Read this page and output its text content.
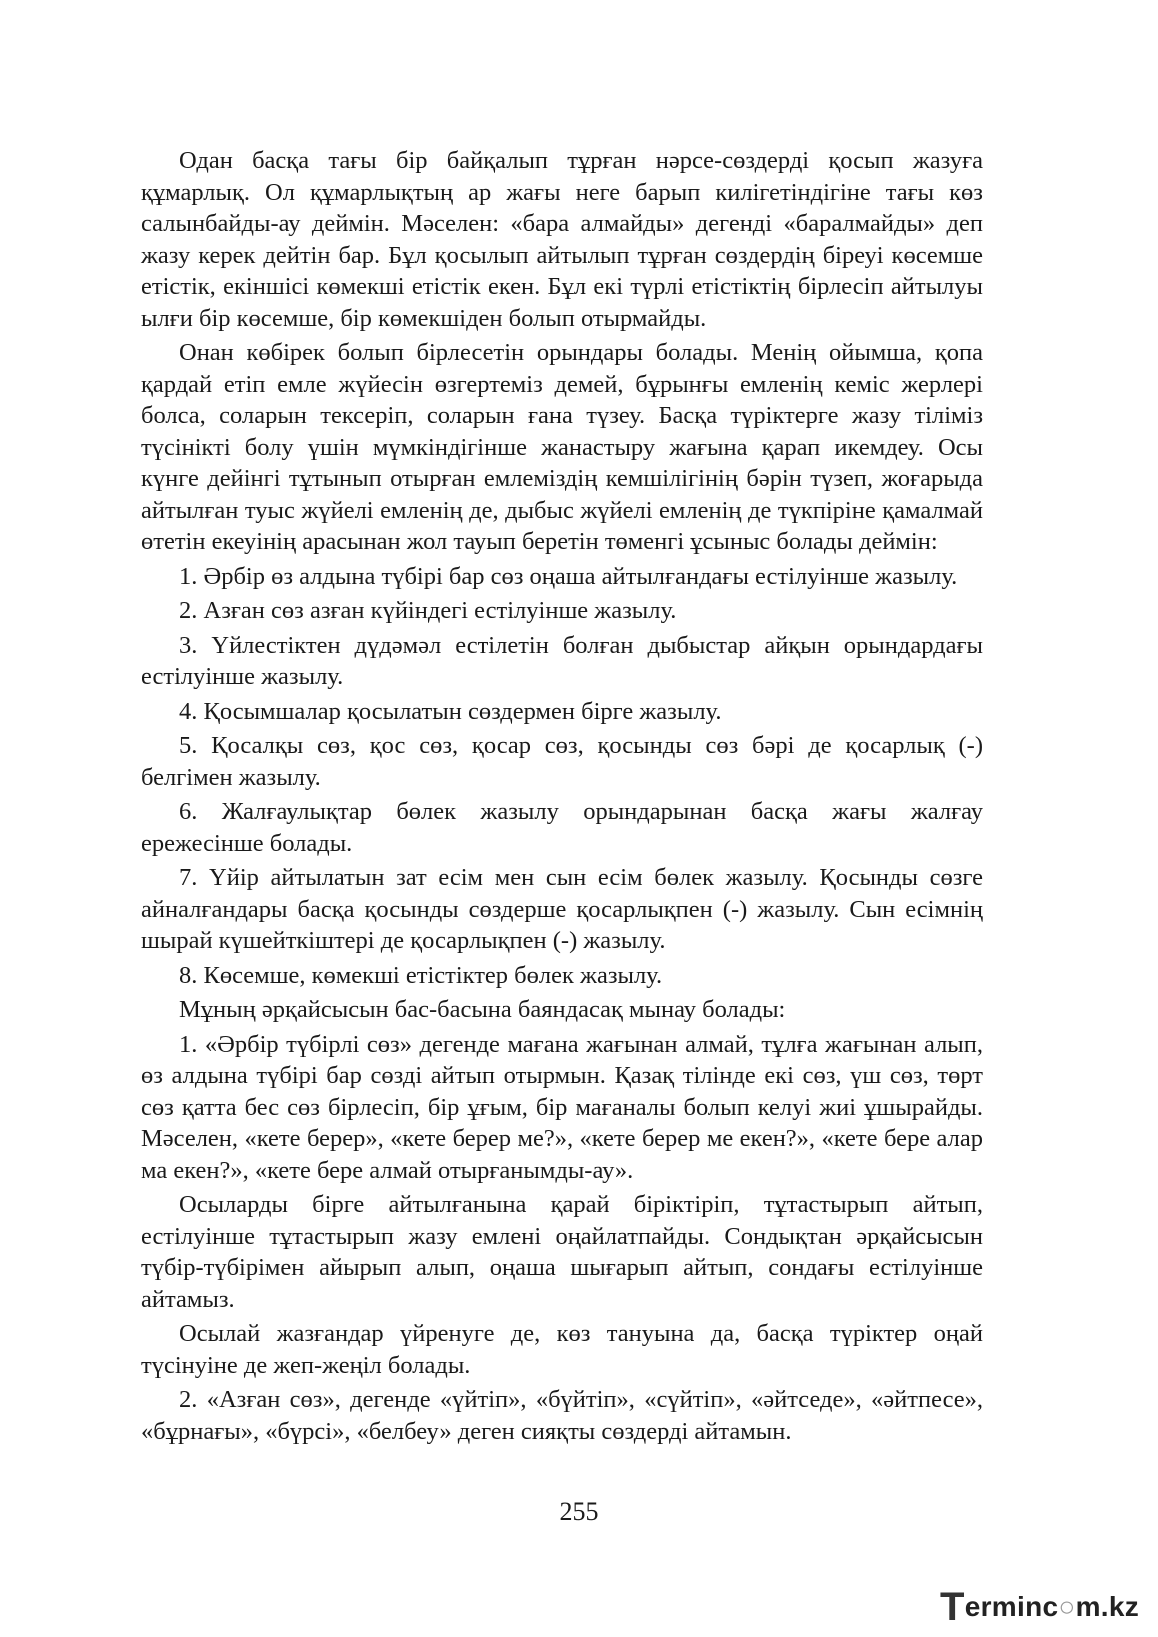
Одан басқа тағы бір байқалып тұрған нәрсе-сөздерді қосып жазуға құмарлық. Ол құмарлықтың ар жағы неге барып килігетіндігіне тағы көз салынбайды-ау деймін. Мәселен: «бара алмайды» дегенді «баралмайды» деп жазу керек дейтін бар. Бұл қосылып айтылып тұрған сөздердің біреуі көсемше етістік, екіншісі көмекші етістік екен. Бұл екі түрлі етістіктің бірлесіп айтылуы ылғи бір көсемше, бір көмекшіден болып отырмайды.

Онан көбірек болып бірлесетін орындары болады. Менің ойымша, қопа қардай етіп емле жүйесін өзгертеміз демей, бұрынғы емленің кеміс жерлері болса, соларын тексеріп, соларын ғана түзеу. Басқа түріктерге жазу тіліміз түсінікті болу үшін мүмкіндігінше жанастыру жағына қарап икемдеу. Осы күнге дейінгі тұтынып отырған емлеміздің кемшілігінің бәрін түзеп, жоғарыда айтылған туыс жүйелі емленің де, дыбыс жүйелі емленің де түкпіріне қамалмай өтетін екеуінің арасынан жол тауып беретін төменгі ұсыныс болады деймін:

1. Әрбір өз алдына түбірі бар сөз оңаша айтылғандағы естілуінше жазылу.

2. Азған сөз азған күйіндегі естілуінше жазылу.

3. Үйлестіктен дүдәмәл естілетін болған дыбыстар айқын орындардағы естілуінше жазылу.

4. Қосымшалар қосылатын сөздермен бірге жазылу.

5. Қосалқы сөз, қос сөз, қосар сөз, қосынды сөз бәрі де қосарлық (-) белгімен жазылу.

6. Жалғаулықтар бөлек жазылу орындарынан басқа жағы жалғау ережесінше болады.

7. Үйір айтылатын зат есім мен сын есім бөлек жазылу. Қосынды сөзге айналғандары басқа қосынды сөздерше қосарлықпен (-) жазылу. Сын есімнің шырай күшейткіштері де қосарлықпен (-) жазылу.

8. Көсемше, көмекші етістіктер бөлек жазылу.

Мұның әрқайсысын бас-басына баяндасақ мынау болады:

1. «Әрбір түбірлі сөз» дегенде мағана жағынан алмай, тұлға жағынан алып, өз алдына түбірі бар сөзді айтып отырмын. Қазақ тілінде екі сөз, үш сөз, төрт сөз қатта бес сөз бірлесіп, бір ұғым, бір мағаналы болып келуі жиі ұшырайды. Мәселен, «кете берер», «кете берер ме?», «кете берер ме екен?», «кете бере алар ма екен?», «кете бере алмай отырғанымды-ау».

Осыларды бірге айтылғанына қарай біріктіріп, тұтастырып айтып, естілуінше тұтастырып жазу емлені оңайлатпайды. Сондықтан әрқайсысын түбір-түбірімен айырып алып, оңаша шығарып айтып, сондағы естілуінше айтамыз.

Осылай жазғандар үйренуге де, көз тануына да, басқа түріктер оңай түсінуіне де жеп-жеңіл болады.

2. «Азған сөз», дегенде «үйтіп», «бүйтіп», «сүйтіп», «әйтседе», «әйтпесе», «бұрнағы», «бүрсі», «белбеу» деген сияқты сөздерді айтамын.

255
T erminc ○ m.kz
